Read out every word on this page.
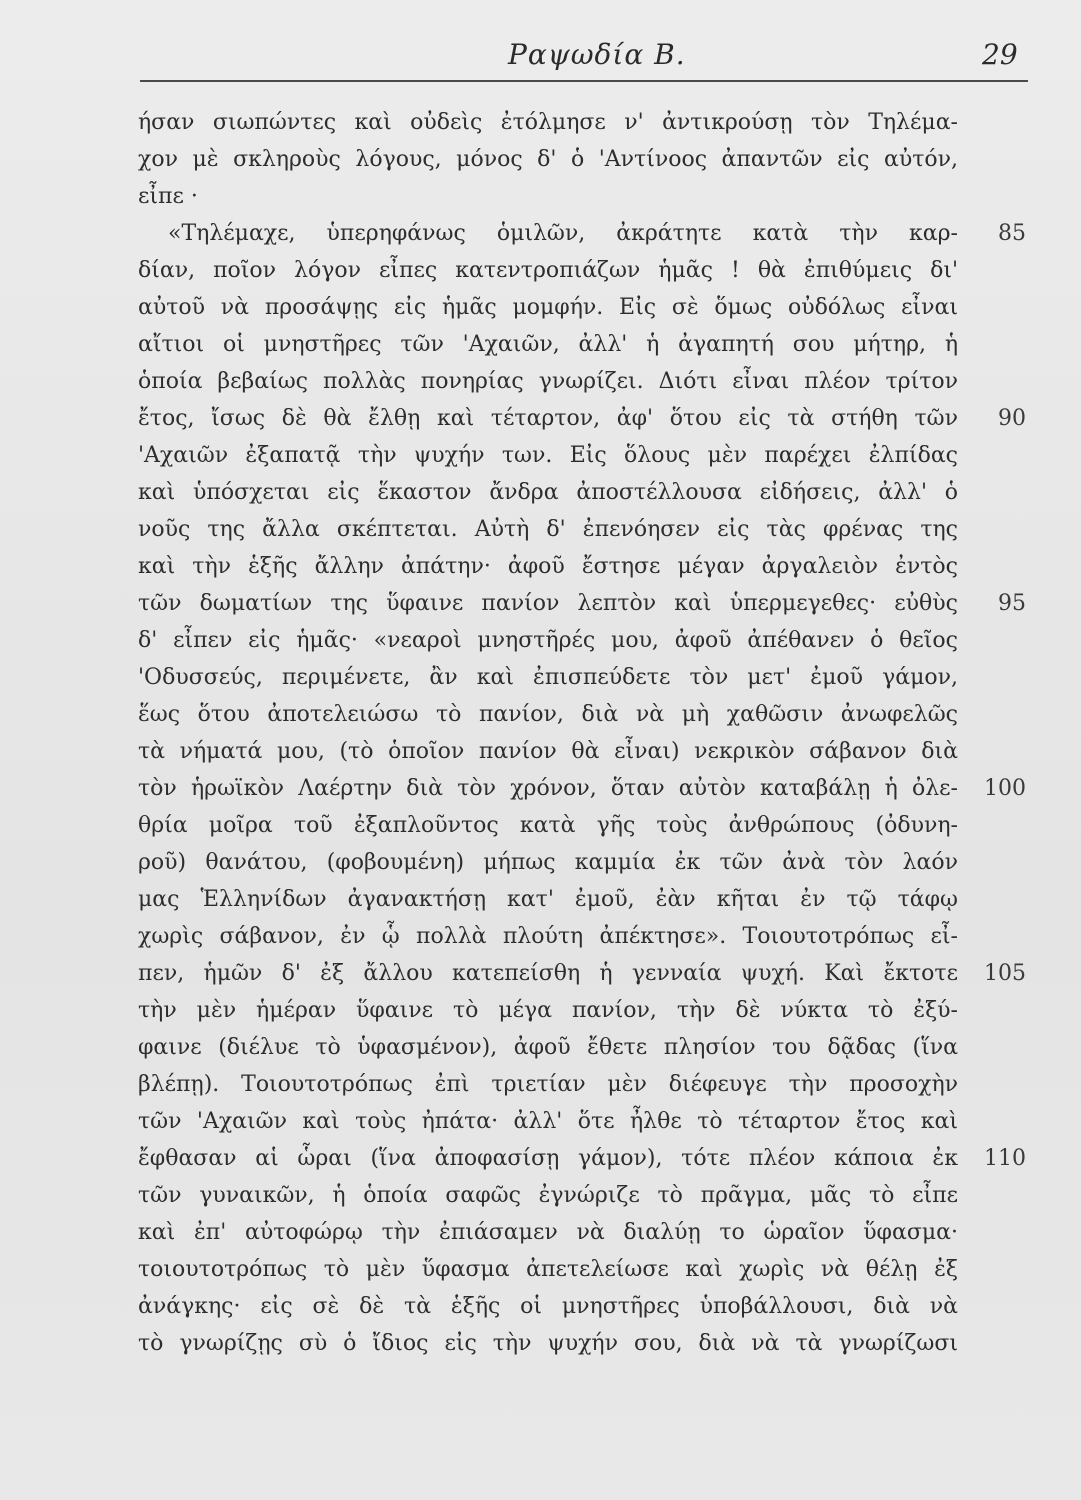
Ραψωδία Β.	29
ήσαν σιωπώντες καὶ οὐδεὶς ἐτόλμησε ν' ἀντικρούσῃ τὸν Τηλέμα-
χον μὲ σκληροὺς λόγους, μόνος δ' ὁ 'Αντίνοος ἀπαντῶν εἰς αὐτόν,
εἶπε ·
«Τηλέμαχε, ὑπερηφάνως ὁμιλῶν, ἀκράτητε κατὰ τὴν καρ-
δίαν, ποῖον λόγον εἶπες κατεντροπιάζων ἡμᾶς ! θὰ ἐπιθύμεις δι'
αὐτοῦ νὰ προσάψῃς εἰς ἡμᾶς μομφήν. Εἰς σὲ ὅμως οὐδόλως εἶναι
αἴτιοι οἱ μνηστῆρες τῶν 'Αχαιῶν, ἀλλ' ἡ ἀγαπητή σου μήτηρ, ἡ
ὁποία βεβαίως πολλὰς πονηρίας γνωρίζει. Διότι εἶναι πλέον τρίτον
ἔτος, ἴσως δὲ θὰ ἔλθῃ καὶ τέταρτον, ἀφ' ὅτου εἰς τὰ στήθη τῶν
'Αχαιῶν ἐξαπατᾷ τὴν ψυχήν των. Εἰς ὅλους μὲν παρέχει ἐλπίδας
καὶ ὑπόσχεται εἰς ἕκαστον ἄνδρα ἀποστέλλουσα εἰδήσεις, ἀλλ' ὁ
νοῦς της ἄλλα σκέπτεται. Αὐτὴ δ' ἐπενόησεν εἰς τὰς φρένας της
καὶ τὴν ἑξῆς ἄλλην ἀπάτην· ἀφοῦ ἔστησε μέγαν ἀργαλειὸν ἐντὸς
τῶν δωματίων της ὕφαινε πανίον λεπτὸν καὶ ὑπερμεγεθες· εὐθὺς
δ' εἶπεν εἰς ἡμᾶς· «νεαροὶ μνηστῆρές μου, ἀφοῦ ἀπέθανεν ὁ θεῖος
'Οδυσσεύς, περιμένετε, ἂν καὶ ἐπισπεύδετε τὸν μετ' ἐμοῦ γάμον,
ἕως ὅτου ἀποτελειώσω τὸ πανίον, διὰ νὰ μὴ χαθῶσιν ἀνωφελῶς
τὰ νήματά μου, (τὸ ὁποῖον πανίον θὰ εἶναι) νεκρικὸν σάβανον διὰ
τὸν ἡρωϊκὸν Λαέρτην διὰ τὸν χρόνον, ὅταν αὐτὸν καταβάλῃ ἡ ὀλε-
θρία μοῖρα τοῦ ἐξαπλοῦντος κατὰ γῆς τοὺς ἀνθρώπους (ὀδυνη-
ροῦ) θανάτου, (φοβουμένη) μήπως καμμία ἐκ τῶν ἀνὰ τὸν λαόν
μας Ἑλληνίδων ἀγανακτήσῃ κατ' ἐμοῦ, ἐὰν κῆται ἐν τῷ τάφῳ
χωρὶς σάβανον, ἐν ᾧ πολλὰ πλούτη ἀπέκτησε». Τοιουτοτρόπως εἶ-
πεν, ἡμῶν δ' ἐξ ἄλλου κατεπείσθη ἡ γενναία ψυχή. Καὶ ἔκτοτε
τὴν μὲν ἡμέραν ὕφαινε τὸ μέγα πανίον, τὴν δὲ νύκτα τὸ ἐξύ-
φαινε (διέλυε τὸ ὑφασμένον), ἀφοῦ ἔθετε πλησίον του δᾷδας (ἵνα
βλέπῃ). Τοιουτοτρόπως ἐπὶ τριετίαν μὲν διέφευγε τὴν προσοχὴν
τῶν 'Αχαιῶν καὶ τοὺς ἠπάτα· ἀλλ' ὅτε ἦλθε τὸ τέταρτον ἔτος καὶ
ἔφθασαν αἱ ὧραι (ἵνα ἀποφασίσῃ γάμον), τότε πλέον κάποια ἐκ
τῶν γυναικῶν, ἡ ὁποία σαφῶς ἐγνώριζε τὸ πρᾶγμα, μᾶς τὸ εἶπε
καὶ ἐπ' αὐτοφώρῳ τὴν ἐπιάσαμεν νὰ διαλύῃ το ὡραῖον ὕφασμα·
τοιουτοτρόπως τὸ μὲν ὕφασμα ἀπετελείωσε καὶ χωρὶς νὰ θέλῃ ἐξ
ἀνάγκης· εἰς σὲ δὲ τὰ ἑξῆς οἱ μνηστῆρες ὑποβάλλουσι, διὰ νὰ
τὸ γνωρίζῃς σὺ ὁ ἴδιος εἰς τὴν ψυχήν σου, διὰ νὰ τὰ γνωρίζωσι
85
90
95
100
105
110
